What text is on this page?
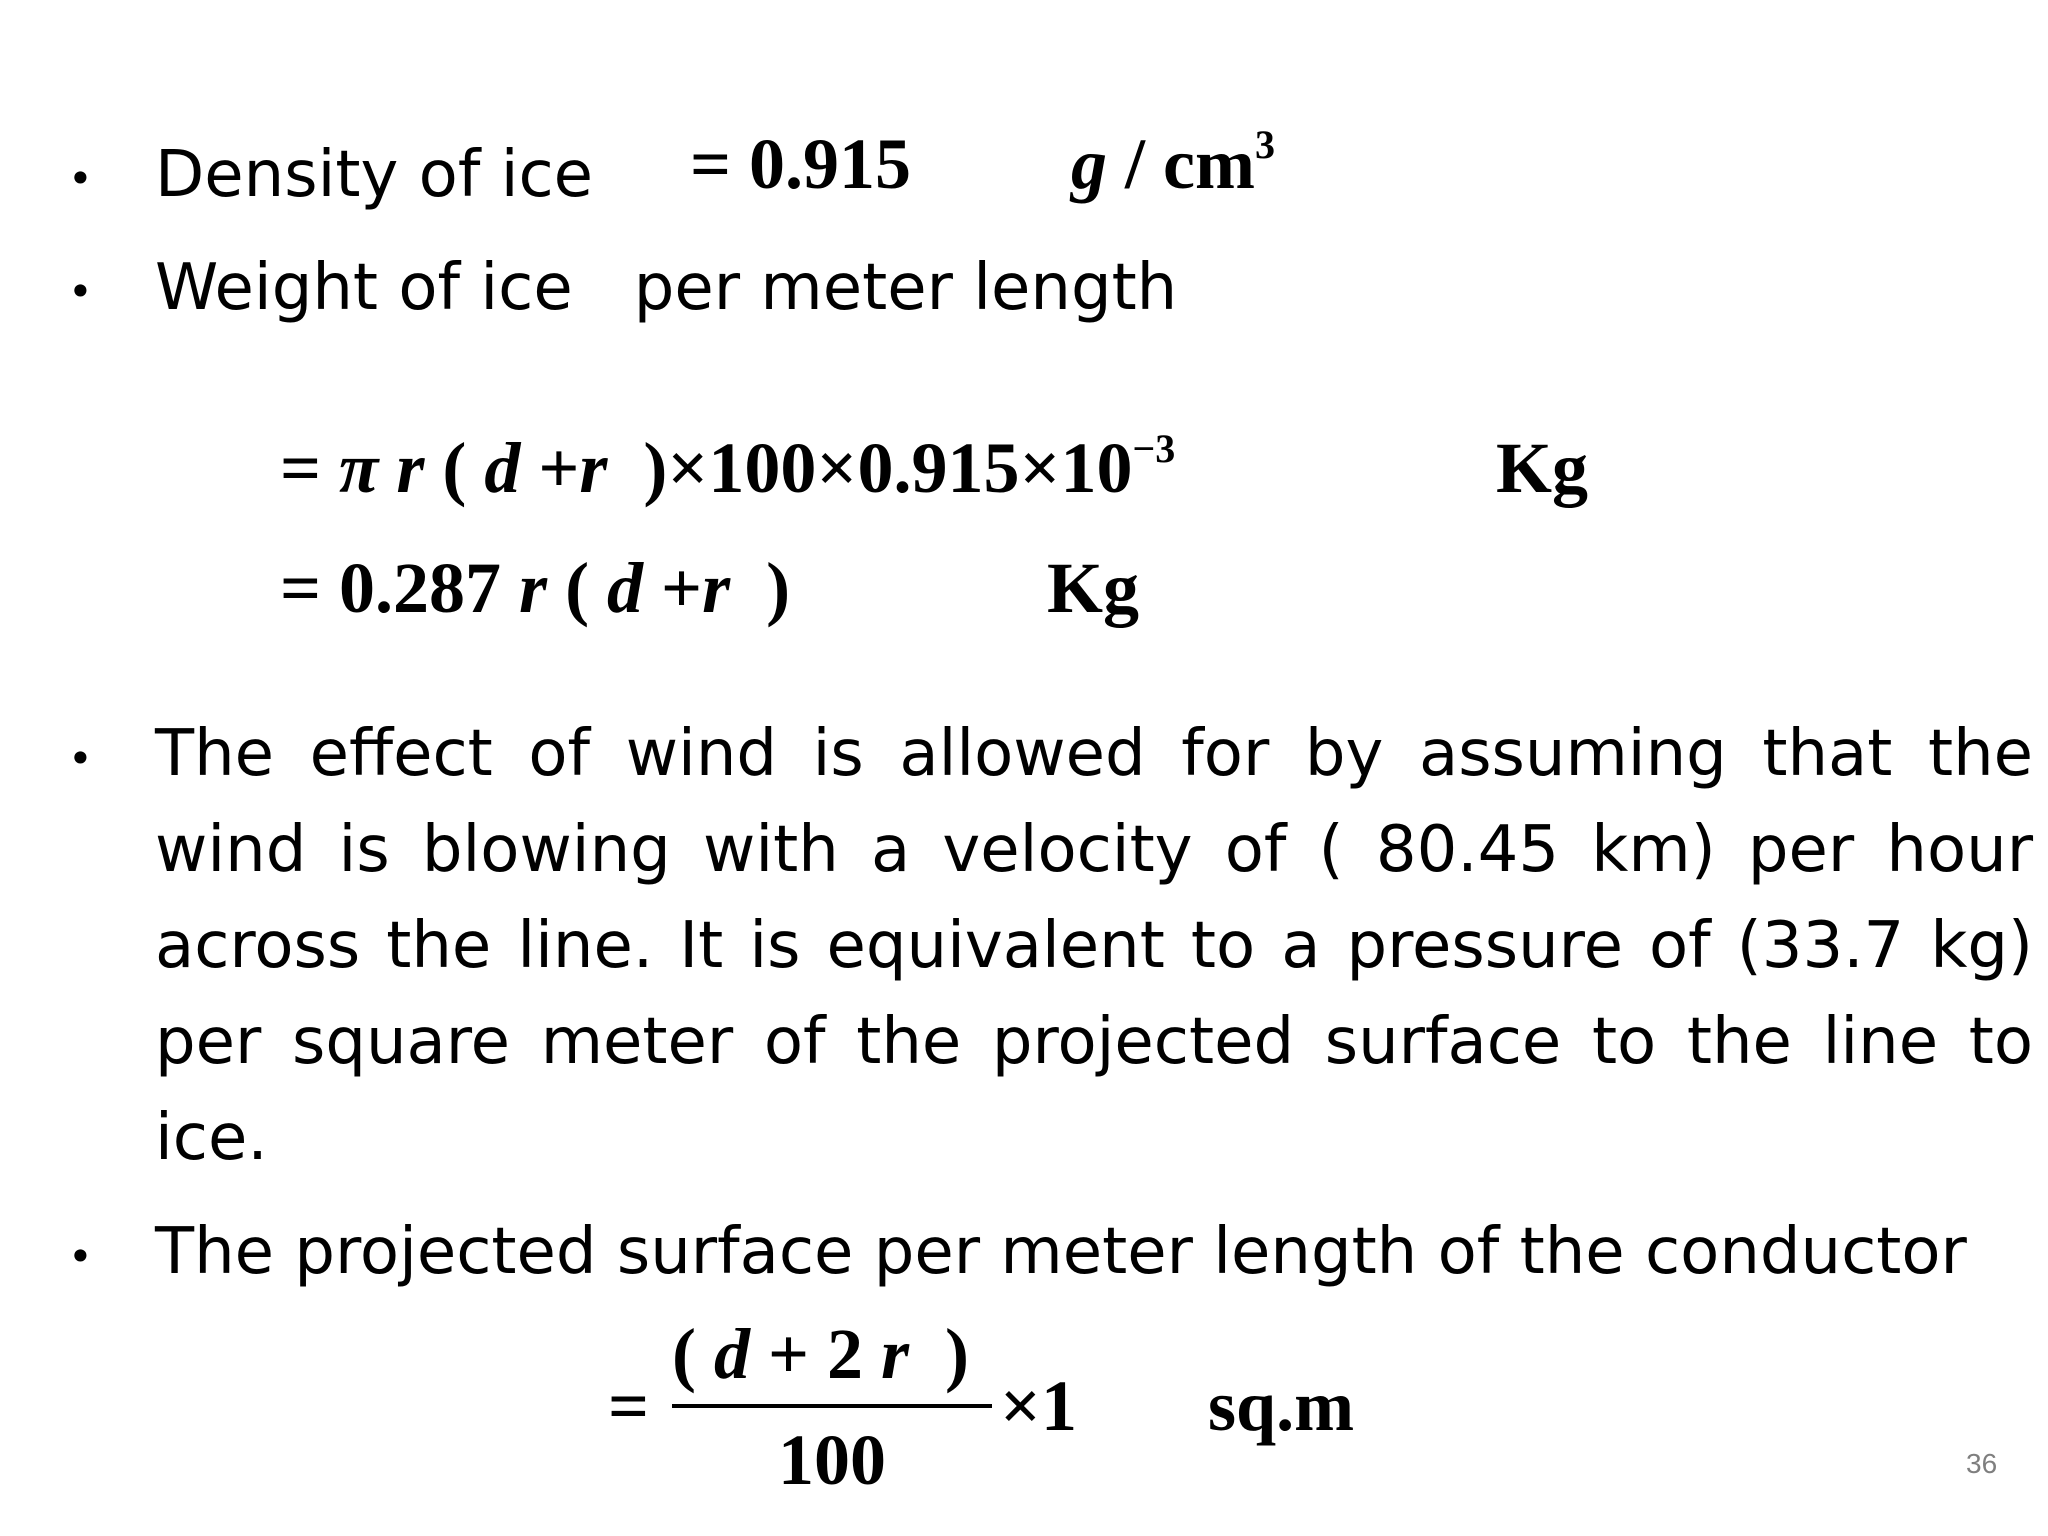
• Density of ice = 0.915 g / $cm^3$
• Weight of ice   per meter length
= π r ( d +r  )$\times 100\times 0.915\times 10^{-3}$	Kg
= 0.287 r ( d +r  )	Kg
• The effect of wind is allowed for by assuming that the wind is blowing with a velocity of ( 80.45 km) per hour across the line. It is equivalent to a pressure of (33.7 kg) per square meter of the projected surface to the line to ice.

• The projected surface per meter length of the conductor
=
( d + 2 r  )
100
×1 sq.m
36
